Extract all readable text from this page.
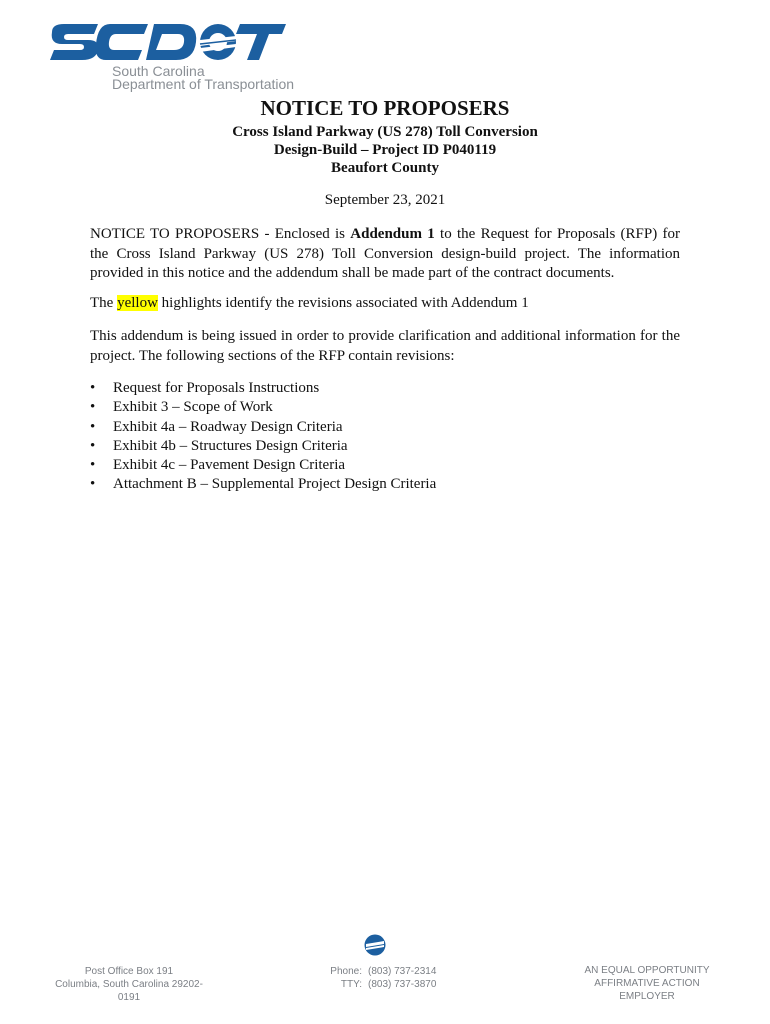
South Carolina
Department of Transportation
NOTICE TO PROPOSERS
Cross Island Parkway (US 278) Toll Conversion
Design-Build – Project ID P040119
Beaufort County
September 23, 2021

NOTICE TO PROPOSERS - Enclosed is Addendum 1 to the Request for Proposals (RFP) for the Cross Island Parkway (US 278) Toll Conversion design-build project. The information provided in this notice and the addendum shall be made part of the contract documents.

The yellow highlights identify the revisions associated with Addendum 1

This addendum is being issued in order to provide clarification and additional information for the project. The following sections of the RFP contain revisions:

• Request for Proposals Instructions
• Exhibit 3 – Scope of Work
• Exhibit 4a – Roadway Design Criteria
• Exhibit 4b – Structures Design Criteria
• Exhibit 4c – Pavement Design Criteria
• Attachment B – Supplemental Project Design Criteria
Post Office Box 191
Columbia, South Carolina 29202-0191
Phone: (803) 737-2314
TTY: (803) 737-3870
AN EQUAL OPPORTUNITY
AFFIRMATIVE ACTION EMPLOYER
